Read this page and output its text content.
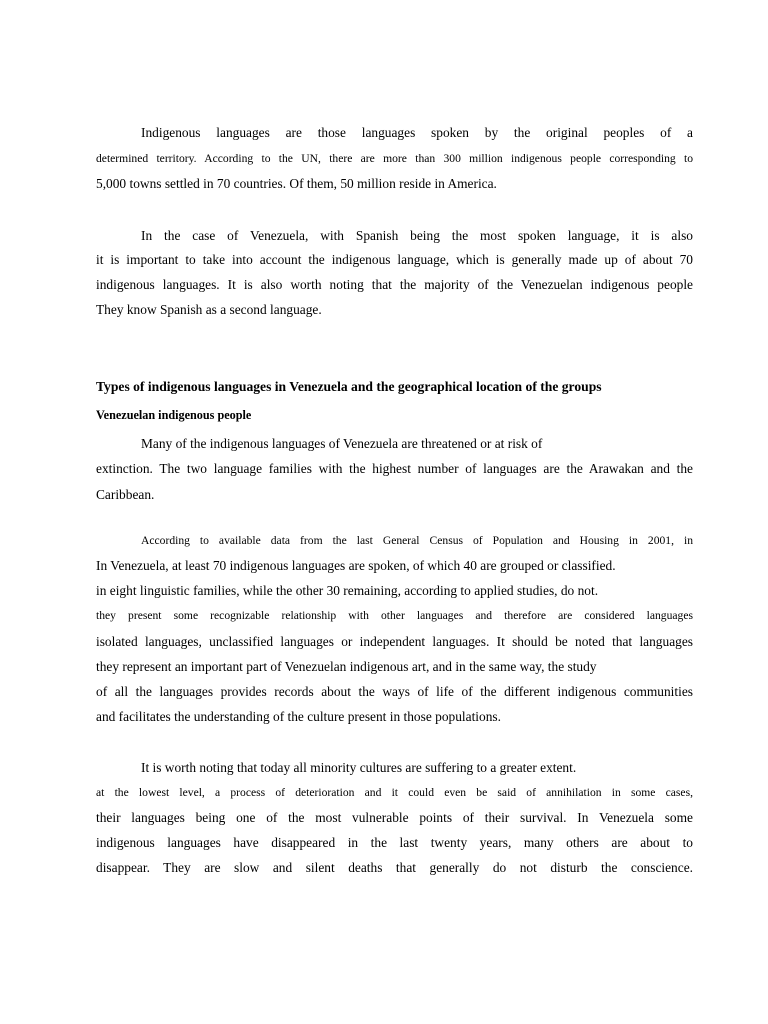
Indigenous languages are those languages spoken by the original peoples of a
determined territory. According to the UN, there are more than 300 million indigenous people corresponding to
5,000 towns settled in 70 countries. Of them, 50 million reside in America.
In the case of Venezuela, with Spanish being the most spoken language, it is also
it is important to take into account the indigenous language, which is generally made up of about 70
indigenous languages. It is also worth noting that the majority of the Venezuelan indigenous people
They know Spanish as a second language.
Types of indigenous languages in Venezuela and the geographical location of the groups
Venezuelan indigenous people
Many of the indigenous languages of Venezuela are threatened or at risk of
extinction. The two language families with the highest number of languages are the Arawakan and the
Caribbean.
According to available data from the last General Census of Population and Housing in 2001, in
In Venezuela, at least 70 indigenous languages are spoken, of which 40 are grouped or classified.
in eight linguistic families, while the other 30 remaining, according to applied studies, do not.
they present some recognizable relationship with other languages and therefore are considered languages
isolated languages, unclassified languages or independent languages. It should be noted that languages
they represent an important part of Venezuelan indigenous art, and in the same way, the study
of all the languages provides records about the ways of life of the different indigenous communities
and facilitates the understanding of the culture present in those populations.
It is worth noting that today all minority cultures are suffering to a greater extent.
at the lowest level, a process of deterioration and it could even be said of annihilation in some cases,
their languages being one of the most vulnerable points of their survival. In Venezuela some
indigenous languages have disappeared in the last twenty years, many others are about to
disappear. They are slow and silent deaths that generally do not disturb the conscience.
